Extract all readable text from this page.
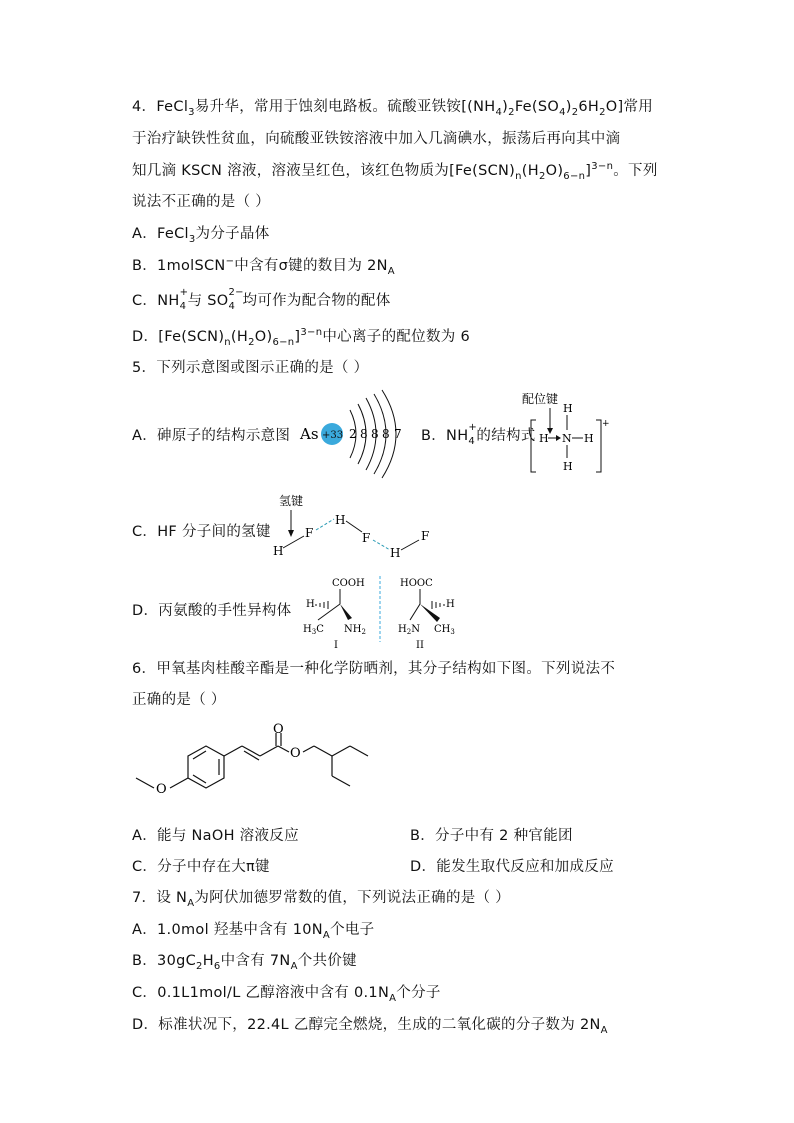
4．FeCl$_3$易升华，常用于蚀刻电路板。硫酸亚铁铵$[(NH_4)_2Fe(SO_4)_26H_2O]$常用
于治疗缺铁性贫血，向硫酸亚铁铵溶液中加入几滴碘水，振荡后再向其中滴
知几滴 KSCN 溶液，溶液呈红色，该红色物质为$[Fe(SCN)_n(H_2O)_{6-n}]^{3-n}$。下列
说法不正确的是（ ）
A．FeCl$_3$为分子晶体
B．1molSCN−中含有σ键的数目为 $2N_A$
C．NH
+
4 与 SO
2−
4 均可作为配合物的配体
D．$[Fe(SCN)_n(H_2O)_{6-n}]^{3-n}$中心离子的配位数为 6
5．下列示意图或图示正确的是（ ）
A．砷原子的结构示意图 As +33 2 8 8 8 7 B．NH
+
4 的结构式
配位键
+
H
H N H
H
C．HF 分子间的氢键
氢键
H
F
H
F
H
F
D．丙氨酸的手性异构体
COOH
H
$H_3C$ $NH_2$
I
HOOC
H
$H_2N$ $CH_3$
II
6．甲氧基肉桂酸辛酯是一种化学防晒剂，其分子结构如下图。下列说法不
正确的是（ ）
O
O
O
A．能与 NaOH 溶液反应	B．分子中有 2 种官能团
C．分子中存在大π键	D．能发生取代反应和加成反应
7．设 $N_A$为阿伏加德罗常数的值，下列说法正确的是（ ）
A．1.0mol 羟基中含有 $10N_A$个电子
B．$30gC_2H_6$中含有 $7N_A$个共价键
C．0.1L1mol/L 乙醇溶液中含有 $0.1N_A$个分子
D．标准状况下，22.4L 乙醇完全燃烧，生成的二氧化碳的分子数为 $2N_A$
